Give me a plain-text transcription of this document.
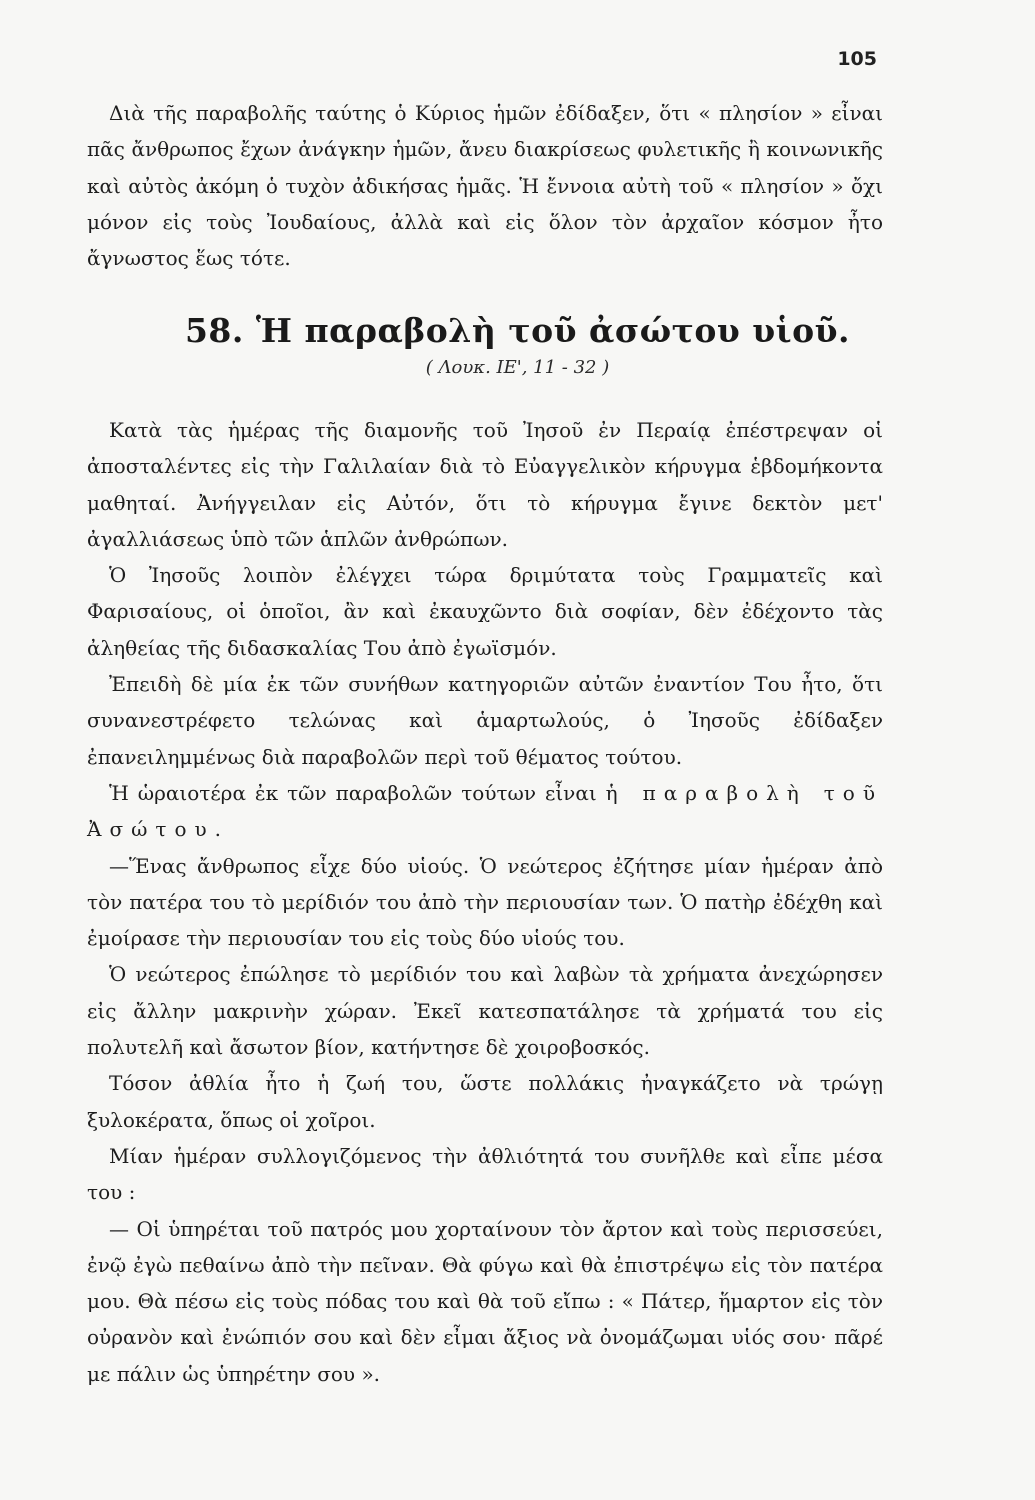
105

Διὰ τῆς παραβολῆς ταύτης ὁ Κύριος ἡμῶν ἐδίδαξεν, ὅτι « πλησίον » εἶναι πᾶς ἄνθρωπος ἔχων ἀνάγκην ἡμῶν, ἄνευ διακρίσεως φυλετικῆς ἢ κοινωνικῆς καὶ αὐτὸς ἀκόμη ὁ τυχὸν ἀδικήσας ἡμᾶς. Ἡ ἔννοια αὐτὴ τοῦ « πλησίον » ὄχι μόνον εἰς τοὺς Ἰουδαίους, ἀλλὰ καὶ εἰς ὅλον τὸν ἀρχαῖον κόσμον ἦτο ἄγνωστος ἕως τότε.

58. Ἡ παραβολὴ τοῦ ἀσώτου υἱοῦ.
( Λουκ. ΙΕ', 11 - 32 )

Κατὰ τὰς ἡμέρας τῆς διαμονῆς τοῦ Ἰησοῦ ἐν Περαίᾳ ἐπέστρεψαν οἱ ἀποσταλέντες εἰς τὴν Γαλιλαίαν διὰ τὸ Εὐαγγελικὸν κήρυγμα ἑβδομήκοντα μαθηταί. Ἀνήγγειλαν εἰς Αὐτόν, ὅτι τὸ κήρυγμα ἔγινε δεκτὸν μετ' ἀγαλλιάσεως ὑπὸ τῶν ἁπλῶν ἀνθρώπων.

Ὁ Ἰησοῦς λοιπὸν ἐλέγχει τώρα δριμύτατα τοὺς Γραμματεῖς καὶ Φαρισαίους, οἱ ὁποῖοι, ἂν καὶ ἐκαυχῶντο διὰ σοφίαν, δὲν ἐδέχοντο τὰς ἀληθείας τῆς διδασκαλίας Του ἀπὸ ἐγωϊσμόν.

Ἐπειδὴ δὲ μία ἐκ τῶν συνήθων κατηγοριῶν αὐτῶν ἐναντίον Του ἦτο, ὅτι συνανεστρέφετο τελώνας καὶ ἁμαρτωλούς, ὁ Ἰησοῦς ἐδίδαξεν ἐπανειλημμένως διὰ παραβολῶν περὶ τοῦ θέματος τούτου.

Ἡ ὡραιοτέρα ἐκ τῶν παραβολῶν τούτων εἶναι ἡ παραβολὴ τοῦ Ἀσώτου.

—Ἕνας ἄνθρωπος εἶχε δύο υἱούς. Ὁ νεώτερος ἐζήτησε μίαν ἡμέραν ἀπὸ τὸν πατέρα του τὸ μερίδιόν του ἀπὸ τὴν περιουσίαν των. Ὁ πατὴρ ἐδέχθη καὶ ἐμοίρασε τὴν περιουσίαν του εἰς τοὺς δύο υἱούς του.

Ὁ νεώτερος ἐπώλησε τὸ μερίδιόν του καὶ λαβὼν τὰ χρήματα ἀνεχώρησεν εἰς ἄλλην μακρινὴν χώραν. Ἐκεῖ κατεσπατάλησε τὰ χρήματά του εἰς πολυτελῆ καὶ ἄσωτον βίον, κατήντησε δὲ χοιροβοσκός.

Τόσον ἀθλία ἦτο ἡ ζωή του, ὥστε πολλάκις ἠναγκάζετο νὰ τρώγῃ ξυλοκέρατα, ὅπως οἱ χοῖροι.

Μίαν ἡμέραν συλλογιζόμενος τὴν ἀθλιότητά του συνῆλθε καὶ εἶπε μέσα του :

— Οἱ ὑπηρέται τοῦ πατρός μου χορταίνουν τὸν ἄρτον καὶ τοὺς περισσεύει, ἐνῷ ἐγὼ πεθαίνω ἀπὸ τὴν πεῖναν. Θὰ φύγω καὶ θὰ ἐπιστρέψω εἰς τὸν πατέρα μου. Θὰ πέσω εἰς τοὺς πόδας του καὶ θὰ τοῦ εἴπω : « Πάτερ, ἥμαρτον εἰς τὸν οὐρανὸν καὶ ἐνώπιόν σου καὶ δὲν εἶμαι ἄξιος νὰ ὀνομάζωμαι υἱός σου· πᾶρέ με πάλιν ὡς ὑπηρέτην σου ».
